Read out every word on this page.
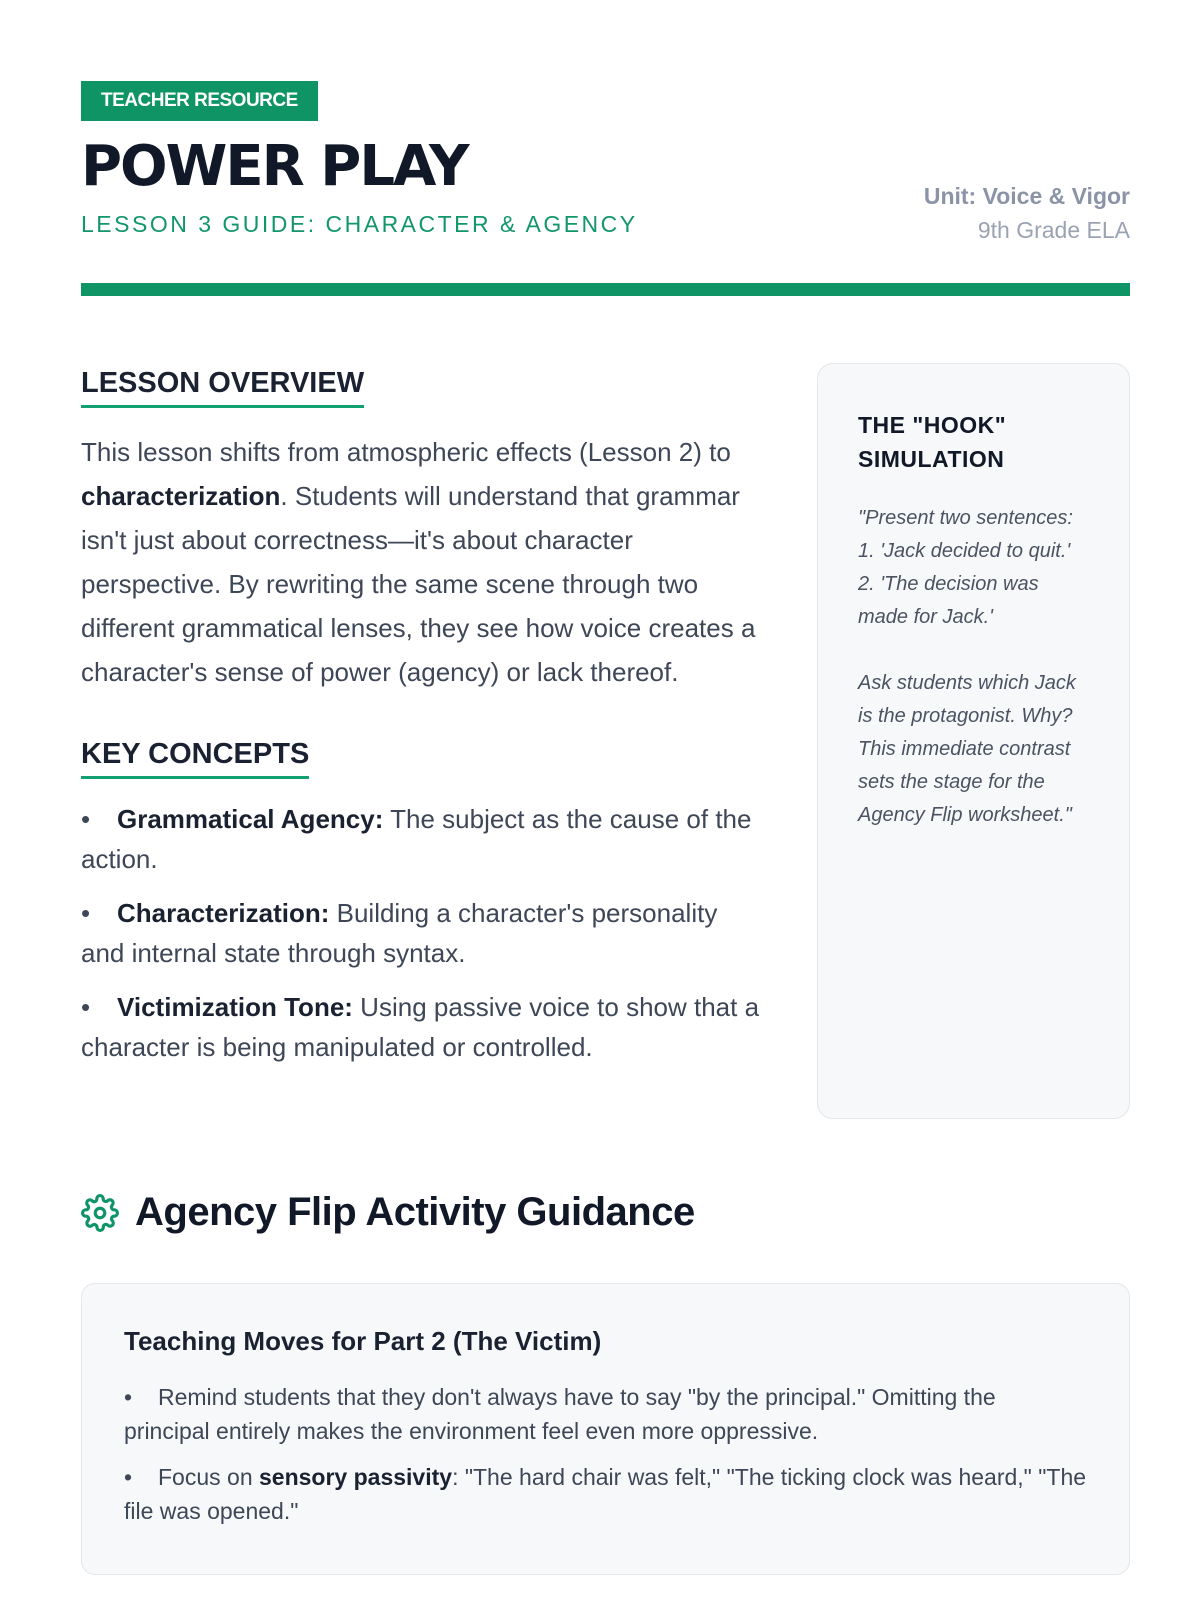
TEACHER RESOURCE
POWER PLAY
LESSON 3 GUIDE: CHARACTER & AGENCY
Unit: Voice & Vigor
9th Grade ELA
LESSON OVERVIEW
This lesson shifts from atmospheric effects (Lesson 2) to characterization. Students will understand that grammar isn't just about correctness—it's about character perspective. By rewriting the same scene through two different grammatical lenses, they see how voice creates a character's sense of power (agency) or lack thereof.
KEY CONCEPTS
• Grammatical Agency: The subject as the cause of the action.
• Characterization: Building a character's personality and internal state through syntax.
• Victimization Tone: Using passive voice to show that a character is being manipulated or controlled.
THE "HOOK" SIMULATION
"Present two sentences:
1. 'Jack decided to quit.'
2. 'The decision was made for Jack.'

Ask students which Jack is the protagonist. Why? This immediate contrast sets the stage for the Agency Flip worksheet."
Agency Flip Activity Guidance
Teaching Moves for Part 2 (The Victim)
• Remind students that they don't always have to say "by the principal." Omitting the principal entirely makes the environment feel even more oppressive.
• Focus on sensory passivity: "The hard chair was felt," "The ticking clock was heard," "The file was opened."
